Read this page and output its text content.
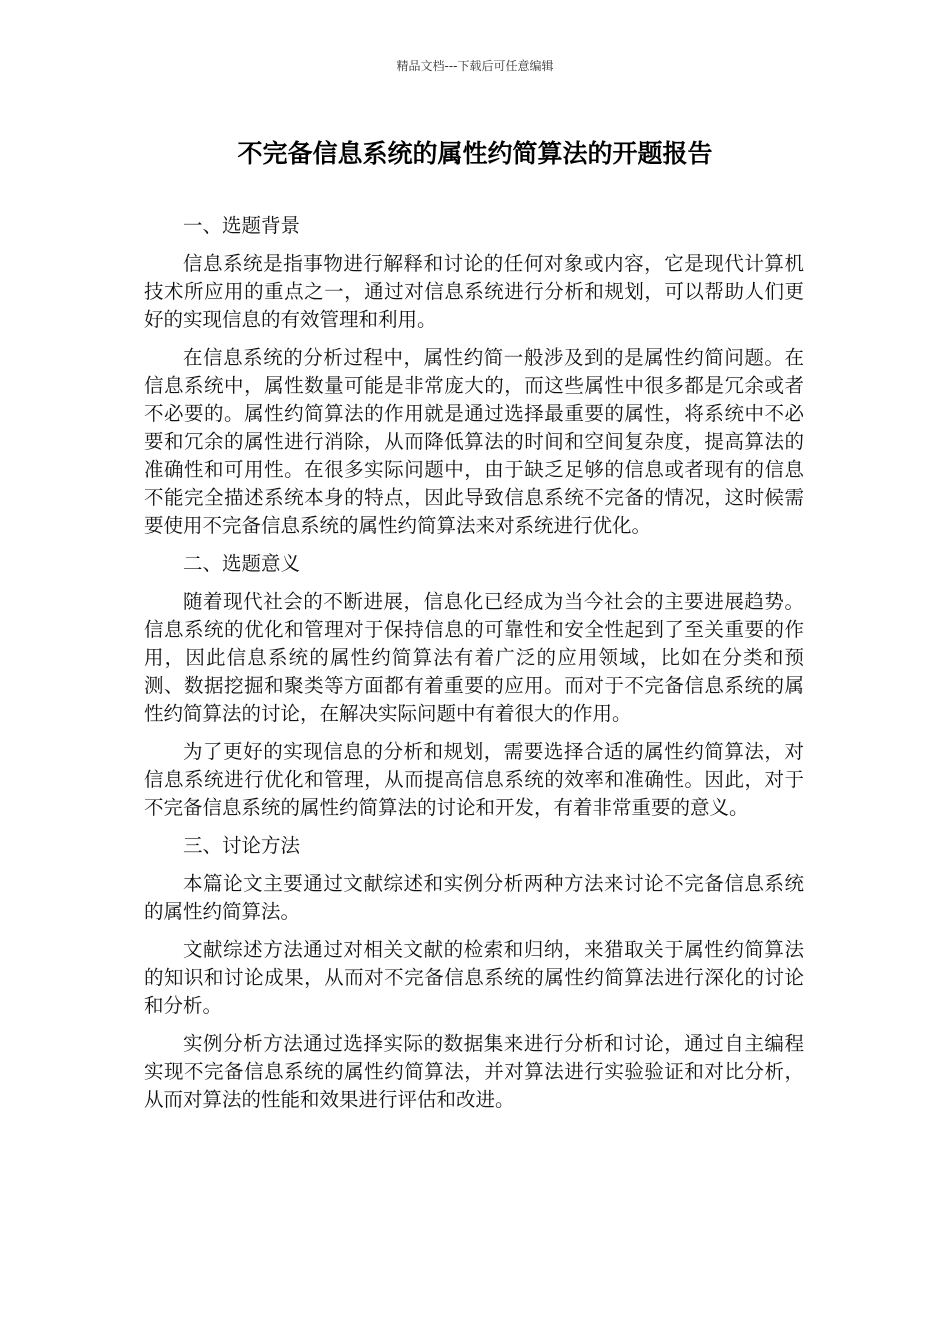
精品文档---下载后可任意编辑
不完备信息系统的属性约简算法的开题报告

一、选题背景

信息系统是指事物进行解释和讨论的任何对象或内容，它是现代计算机技术所应用的重点之一，通过对信息系统进行分析和规划，可以帮助人们更好的实现信息的有效管理和利用。

在信息系统的分析过程中，属性约简一般涉及到的是属性约简问题。在信息系统中，属性数量可能是非常庞大的，而这些属性中很多都是冗余或者不必要的。属性约简算法的作用就是通过选择最重要的属性，将系统中不必要和冗余的属性进行消除，从而降低算法的时间和空间复杂度，提高算法的准确性和可用性。在很多实际问题中，由于缺乏足够的信息或者现有的信息不能完全描述系统本身的特点，因此导致信息系统不完备的情况，这时候需要使用不完备信息系统的属性约简算法来对系统进行优化。

二、选题意义

随着现代社会的不断进展，信息化已经成为当今社会的主要进展趋势。信息系统的优化和管理对于保持信息的可靠性和安全性起到了至关重要的作用，因此信息系统的属性约简算法有着广泛的应用领域，比如在分类和预测、数据挖掘和聚类等方面都有着重要的应用。而对于不完备信息系统的属性约简算法的讨论，在解决实际问题中有着很大的作用。

为了更好的实现信息的分析和规划，需要选择合适的属性约简算法，对信息系统进行优化和管理，从而提高信息系统的效率和准确性。因此，对于不完备信息系统的属性约简算法的讨论和开发，有着非常重要的意义。

三、讨论方法

本篇论文主要通过文献综述和实例分析两种方法来讨论不完备信息系统的属性约简算法。

文献综述方法通过对相关文献的检索和归纳，来猎取关于属性约简算法的知识和讨论成果，从而对不完备信息系统的属性约简算法进行深化的讨论和分析。

实例分析方法通过选择实际的数据集来进行分析和讨论，通过自主编程实现不完备信息系统的属性约简算法，并对算法进行实验验证和对比分析，从而对算法的性能和效果进行评估和改进。
